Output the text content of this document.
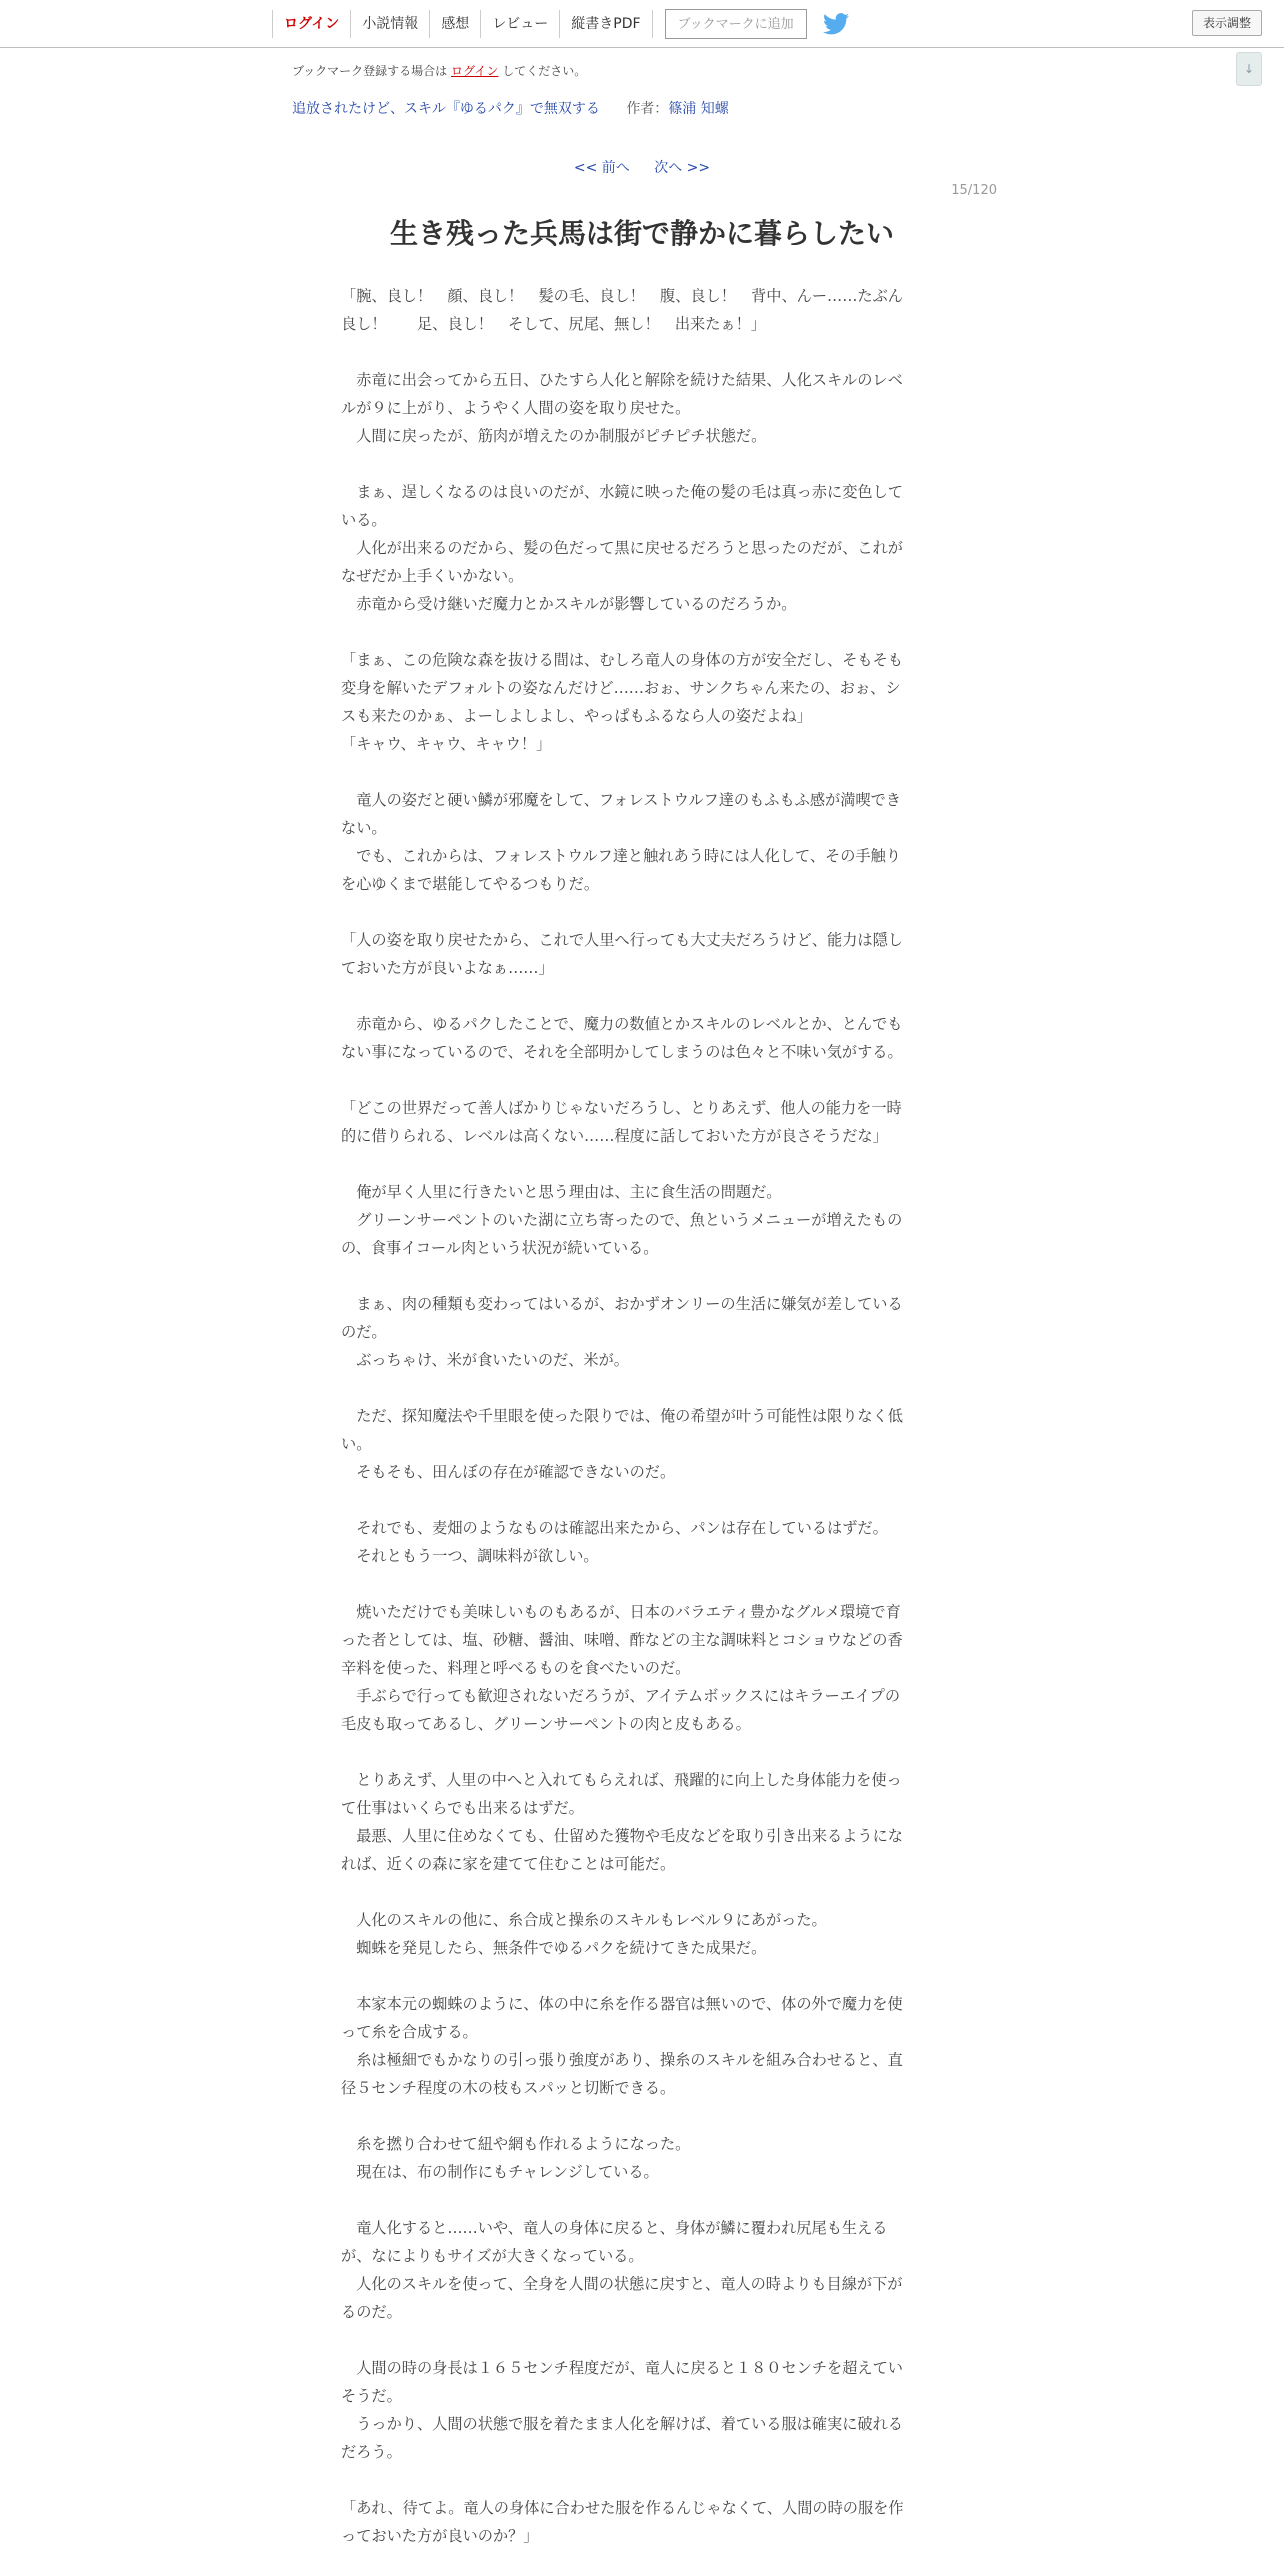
ログイン	小説情報	感想	レビュー	縦書きPDF	ブックマークに追加	表示調整
↓
ブックマーク登録する場合は ログイン してください。
追放されたけど、スキル『ゆるパク』で無双する 作者：篠浦 知螺
<< 前へ 次へ >>
15/120
生き残った兵馬は街で静かに暮らしたい

「腕、良し！　顔、良し！　髪の毛、良し！　腹、良し！　背中、んー……たぶん
良し！　　足、良し！　そして、尻尾、無し！　出来たぁ！」

　赤竜に出会ってから五日、ひたすら人化と解除を続けた結果、人化スキルのレベ
ルが９に上がり、ようやく人間の姿を取り戻せた。
　人間に戻ったが、筋肉が増えたのか制服がピチピチ状態だ。

　まぁ、逞しくなるのは良いのだが、水鏡に映った俺の髪の毛は真っ赤に変色して
いる。
　人化が出来るのだから、髪の色だって黒に戻せるだろうと思ったのだが、これが
なぜだか上手くいかない。
　赤竜から受け継いだ魔力とかスキルが影響しているのだろうか。

「まぁ、この危険な森を抜ける間は、むしろ竜人の身体の方が安全だし、そもそも
変身を解いたデフォルトの姿なんだけど……おぉ、サンクちゃん来たの、おぉ、シ
スも来たのかぁ、よーしよしよし、やっぱもふるなら人の姿だよね」
「キャウ、キャウ、キャウ！」

　竜人の姿だと硬い鱗が邪魔をして、フォレストウルフ達のもふもふ感が満喫でき
ない。
　でも、これからは、フォレストウルフ達と触れあう時には人化して、その手触り
を心ゆくまで堪能してやるつもりだ。

「人の姿を取り戻せたから、これで人里へ行っても大丈夫だろうけど、能力は隠し
ておいた方が良いよなぁ……」

　赤竜から、ゆるパクしたことで、魔力の数値とかスキルのレベルとか、とんでも
ない事になっているので、それを全部明かしてしまうのは色々と不味い気がする。

「どこの世界だって善人ばかりじゃないだろうし、とりあえず、他人の能力を一時
的に借りられる、レベルは高くない……程度に話しておいた方が良さそうだな」

　俺が早く人里に行きたいと思う理由は、主に食生活の問題だ。
　グリーンサーペントのいた湖に立ち寄ったので、魚というメニューが増えたもの
の、食事イコール肉という状況が続いている。

　まぁ、肉の種類も変わってはいるが、おかずオンリーの生活に嫌気が差している
のだ。
　ぶっちゃけ、米が食いたいのだ、米が。

　ただ、探知魔法や千里眼を使った限りでは、俺の希望が叶う可能性は限りなく低
い。
　そもそも、田んぼの存在が確認できないのだ。

　それでも、麦畑のようなものは確認出来たから、パンは存在しているはずだ。
　それともう一つ、調味料が欲しい。

　焼いただけでも美味しいものもあるが、日本のバラエティ豊かなグルメ環境で育
った者としては、塩、砂糖、醤油、味噌、酢などの主な調味料とコショウなどの香
辛料を使った、料理と呼べるものを食べたいのだ。
　手ぶらで行っても歓迎されないだろうが、アイテムボックスにはキラーエイプの
毛皮も取ってあるし、グリーンサーペントの肉と皮もある。

　とりあえず、人里の中へと入れてもらえれば、飛躍的に向上した身体能力を使っ
て仕事はいくらでも出来るはずだ。
　最悪、人里に住めなくても、仕留めた獲物や毛皮などを取り引き出来るようにな
れば、近くの森に家を建てて住むことは可能だ。

　人化のスキルの他に、糸合成と操糸のスキルもレベル９にあがった。
　蜘蛛を発見したら、無条件でゆるパクを続けてきた成果だ。

　本家本元の蜘蛛のように、体の中に糸を作る器官は無いので、体の外で魔力を使
って糸を合成する。
　糸は極細でもかなりの引っ張り強度があり、操糸のスキルを組み合わせると、直
径５センチ程度の木の枝もスパッと切断できる。

　糸を撚り合わせて紐や網も作れるようになった。
　現在は、布の制作にもチャレンジしている。

　竜人化すると……いや、竜人の身体に戻ると、身体が鱗に覆われ尻尾も生える
が、なによりもサイズが大きくなっている。
　人化のスキルを使って、全身を人間の状態に戻すと、竜人の時よりも目線が下が
るのだ。

　人間の時の身長は１６５センチ程度だが、竜人に戻ると１８０センチを超えてい
そうだ。
　うっかり、人間の状態で服を着たまま人化を解けば、着ている服は確実に破れる
だろう。

「あれ、待てよ。竜人の身体に合わせた服を作るんじゃなくて、人間の時の服を作
っておいた方が良いのか？」
